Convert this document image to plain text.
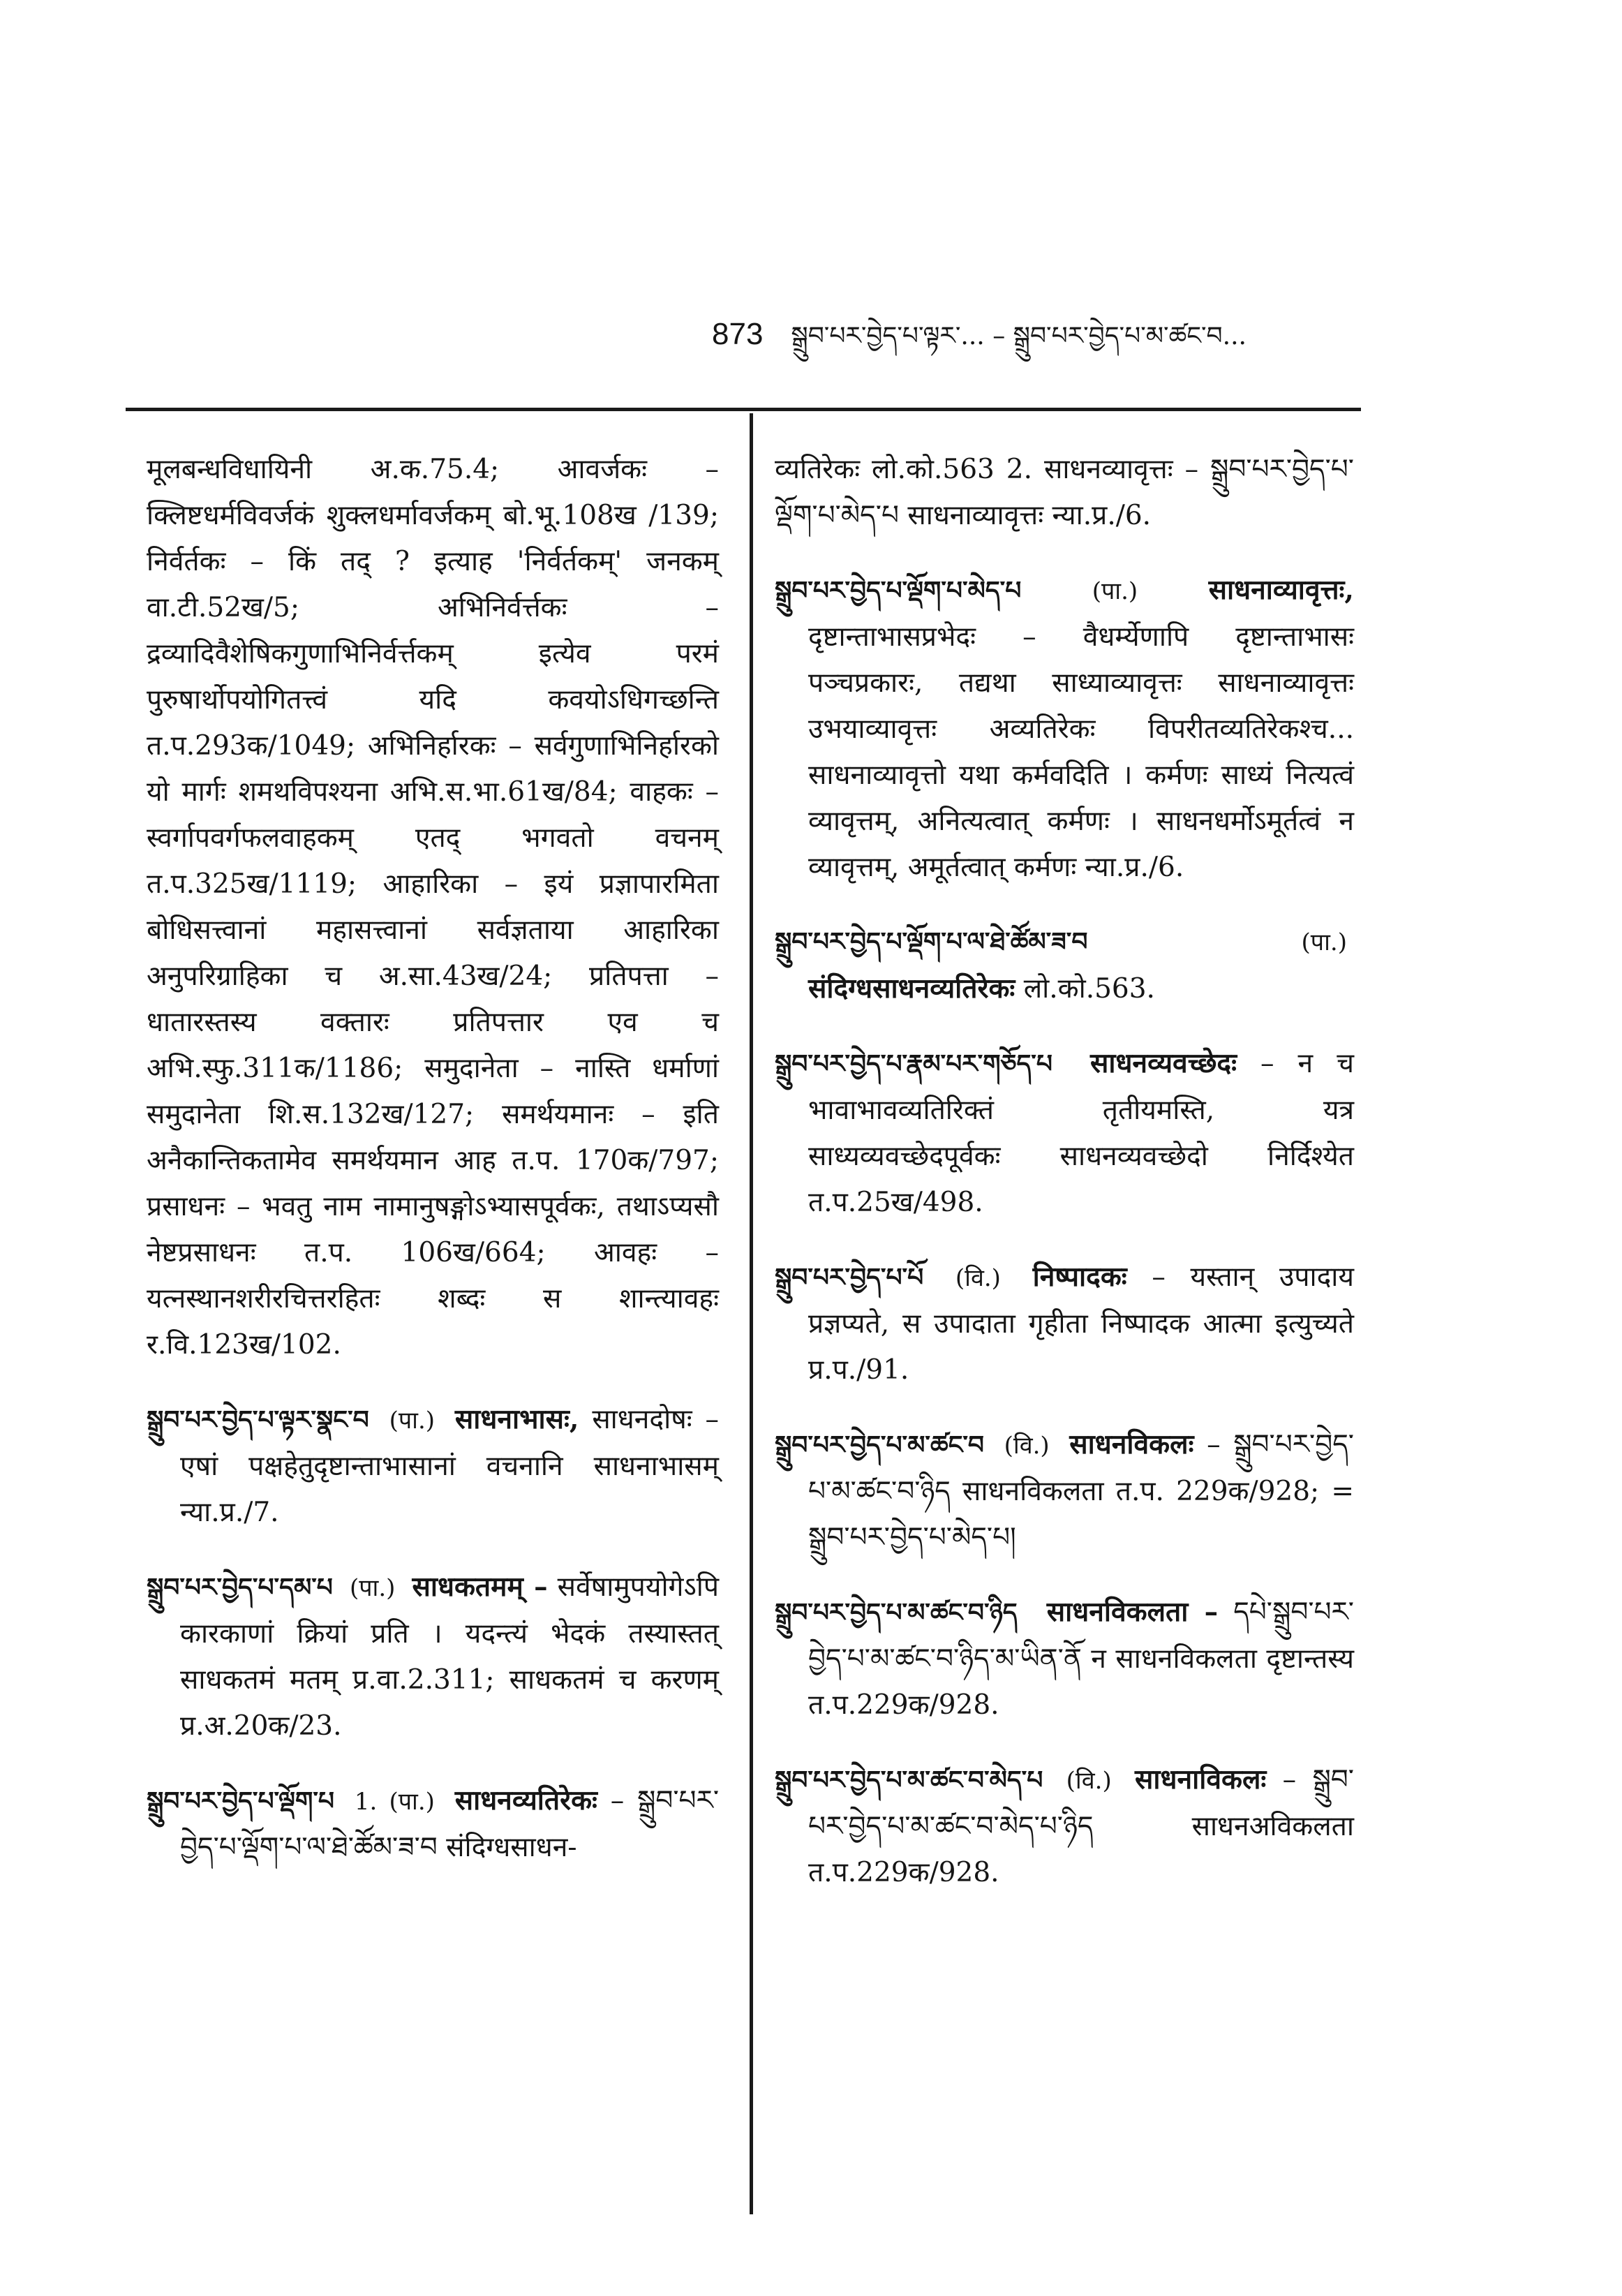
873 སྒྲུབ་པར་བྱེད་པ་ལྟར་... – སྒྲུབ་པར་བྱེད་པ་མ་ཚང་བ...
मूलबन्धविधायिनी अ.क.75.4; आवर्जकः – क्लिष्टधर्मविवर्जकं शुक्लधर्मावर्जकम् बो.भू.108ख /139; निर्वर्तकः – किं तद् ? इत्याह 'निर्वर्तकम्' जनकम् वा.टी.52ख/5; अभिनिर्वर्त्तकः – द्रव्यादिवैशेषिकगुणाभिनिर्वर्त्तकम् इत्येव परमं पुरुषार्थोपयोगितत्त्वं यदि कवयोऽधिगच्छन्ति त.प.293क/1049; अभिनिर्हारकः – सर्वगुणाभिनिर्हारको यो मार्गः शमथविपश्यना अभि.स.भा.61ख/84; वाहकः – स्वर्गापवर्गफलवाहकम् एतद् भगवतो वचनम् त.प.325ख/1119; आहारिका – इयं प्रज्ञापारमिता बोधिसत्त्वानां महासत्त्वानां सर्वज्ञताया आहारिका अनुपरिग्राहिका च अ.सा.43ख/24; प्रतिपत्ता – धातारस्तस्य वक्तारः प्रतिपत्तार एव च अभि.स्फु.311क/1186; समुदानेता – नास्ति धर्माणां समुदानेता शि.स.132ख/127; समर्थयमानः – इति अनैकान्तिकतामेव समर्थयमान आह त.प. 170क/797; प्रसाधनः – भवतु नाम नामानुषङ्गोऽभ्यासपूर्वकः, तथाऽप्यसौ नेष्टप्रसाधनः त.प. 106ख/664; आवहः – यत्नस्थानशरीरचित्तरहितः शब्दः स शान्त्यावहः र.वि.123ख/102.
སྒྲུབ་པར་བྱེད་པ་ལྟར་སྣང་བ (पा.) साधनाभासः, साधनदोषः – एषां पक्षहेतुदृष्टान्ताभासानां वचनानि साधनाभासम् न्या.प्र./7.
སྒྲུབ་པར་བྱེད་པ་དམ་པ (पा.) साधकतमम् – सर्वेषामुपयोगेऽपि कारकाणां क्रियां प्रति । यदन्त्यं भेदकं तस्यास्तत् साधकतमं मतम् प्र.वा.2.311; साधकतमं च करणम् प्र.अ.20क/23.
སྒྲུབ་པར་བྱེད་པ་ལྡོག་པ 1. (पा.) साधनव्यतिरेकः – སྒྲུབ་པར་བྱེད་པ་ལྡོག་པ་ལ་ཐེ་ཚོམ་ཟ་བ संदिग्धसाधन-
व्यतिरेकः लो.को.563 2. साधनव्यावृत्तः – སྒྲུབ་པར་བྱེད་པ་ལྡོག་པ་མེད་པ साधनाव्यावृत्तः न्या.प्र./6.
སྒྲུབ་པར་བྱེད་པ་ལྡོག་པ་མེད་པ	(पा.)	साधनाव्यावृत्तः, दृष्टान्ताभासप्रभेदः – वैधर्म्येणापि दृष्टान्ताभासः पञ्चप्रकारः, तद्यथा साध्याव्यावृत्तः साधनाव्यावृत्तः उभयाव्यावृत्तः अव्यतिरेकः विपरीतव्यतिरेकश्च... साधनाव्यावृत्तो यथा कर्मवदिति । कर्मणः साध्यं नित्यत्वं व्यावृत्तम्, अनित्यत्वात् कर्मणः । साधनधर्मोऽमूर्तत्वं न व्यावृत्तम्, अमूर्तत्वात् कर्मणः न्या.प्र./6.
སྒྲུབ་པར་བྱེད་པ་ལྡོག་པ་ལ་ཐེ་ཚོམ་ཟ་བ	(पा.) संदिग्धसाधनव्यतिरेकः लो.को.563.
སྒྲུབ་པར་བྱེད་པ་རྣམ་པར་གཅོད་པ साधनव्यवच्छेदः – न च भावाभावव्यतिरिक्तं तृतीयमस्ति, यत्र साध्यव्यवच्छेदपूर्वकः साधनव्यवच्छेदो निर्दिश्येत त.प.25ख/498.
སྒྲུབ་པར་བྱེད་པ་པོ (वि.) निष्पादकः – यस्तान् उपादाय प्रज्ञप्यते, स उपादाता गृहीता निष्पादक आत्मा इत्युच्यते प्र.प./91.
སྒྲུབ་པར་བྱེད་པ་མ་ཚང་བ (वि.) साधनविकलः – སྒྲུབ་པར་བྱེད་པ་མ་ཚང་བ་ཉིད साधनविकलता त.प. 229क/928; = སྒྲུབ་པར་བྱེད་པ་མེད་པ།
སྒྲུབ་པར་བྱེད་པ་མ་ཚང་བ་ཉིད साधनविकलता – དཔེ་སྒྲུབ་པར་བྱེད་པ་མ་ཚང་བ་ཉིད་མ་ཡིན་ནོ न साधनविकलता दृष्टान्तस्य त.प.229क/928.
སྒྲུབ་པར་བྱེད་པ་མ་ཚང་བ་མེད་པ (वि.) साधनाविकलः – སྒྲུབ་པར་བྱེད་པ་མ་ཚང་བ་མེད་པ་ཉིད साधनअविकलता त.प.229क/928.
